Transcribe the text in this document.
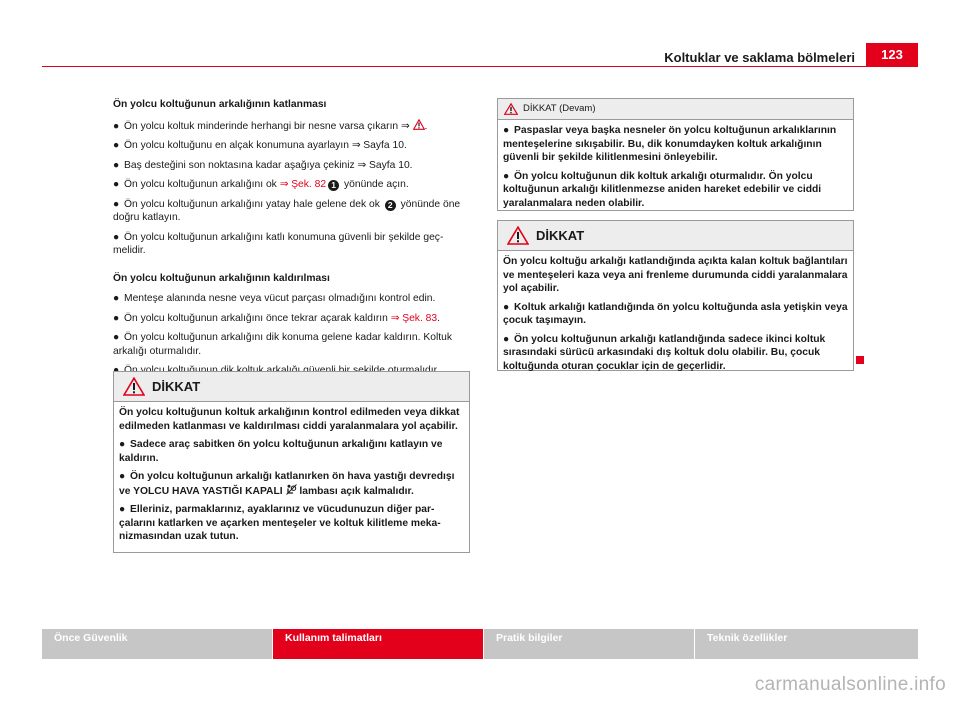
Koltuklar ve saklama bölmeleri	123

Ön yolcu koltuğunun arkalığının katlanması

● Ön yolcu koltuk minderinde herhangi bir nesne varsa çıkarın ⇒ .

● Ön yolcu koltuğunu en alçak konumuna ayarlayın ⇒ Sayfa 10.

● Baş desteğini son noktasına kadar aşağıya çekiniz ⇒ Sayfa 10.

● Ön yolcu koltuğunun arkalığını ok ⇒ Şek. 82 1 yönünde açın.

● Ön yolcu koltuğunun arkalığını yatay hale gelene dek ok 2 yönünde öne doğru katlayın.

● Ön yolcu koltuğunun arkalığını katlı konumuna güvenli bir şekilde geçmelidir.

Ön yolcu koltuğunun arkalığının kaldırılması

● Menteşe alanında nesne veya vücut parçası olmadığını kontrol edin.

● Ön yolcu koltuğunun arkalığını önce tekrar açarak kaldırın ⇒ Şek. 83.

● Ön yolcu koltuğunun arkalığını dik konuma gelene kadar kaldırın. Koltuk arkalığı oturmalıdır.

DİKKAT

Ön yolcu koltuğunun koltuk arkalığının kontrol edilmeden veya dikkat edilmeden katlanması ve kaldırılması ciddi yaralanmalara yol açabilir.

● Sadece araç sabitken ön yolcu koltuğunun arkalığını katlayın ve kaldırın.

● Ön yolcu koltuğunun arkalığı katlanırken ön hava yastığı devredışı ve YOLCU HAVA YASTIĞI KAPALI  lambası açık kalmalıdır.

● Elleriniz, parmaklarınız, ayaklarınız ve vücudunuzun diğer parçalarını katlarken ve açarken menteşeler ve koltuk kilitleme mekanizmasından uzak tutun.

DİKKAT (Devam)

● Paspaslar veya başka nesneler ön yolcu koltuğunun arkalıklarının menteşelerine sıkışabilir. Bu, dik konumdayken koltuk arkalığının güvenli bir şekilde kilitlenmesini önleyebilir.

● Ön yolcu koltuğunun dik koltuk arkalığı oturmalıdır. Ön yolcu koltuğunun arkalığı kilitlenmezse aniden hareket edebilir ve ciddi yaralanmalara neden olabilir.

DİKKAT

Ön yolcu koltuğu arkalığı katlandığında açıkta kalan koltuk bağlantıları ve menteşeleri kaza veya ani frenleme durumunda ciddi yaralanmalara yol açabilir.

● Koltuk arkalığı katlandığında ön yolcu koltuğunda asla yetişkin veya çocuk taşımayın.

● Ön yolcu koltuğunun arkalığı katlandığında sadece ikinci koltuk sırasındaki sürücü arkasındaki dış koltuk dolu olabilir. Bu, çocuk koltuğunda oturan çocuklar için de geçerlidir.

Önce Güvenlik	Kullanım talimatları	Pratik bilgiler	Teknik özellikler
carmanualsonline.info
